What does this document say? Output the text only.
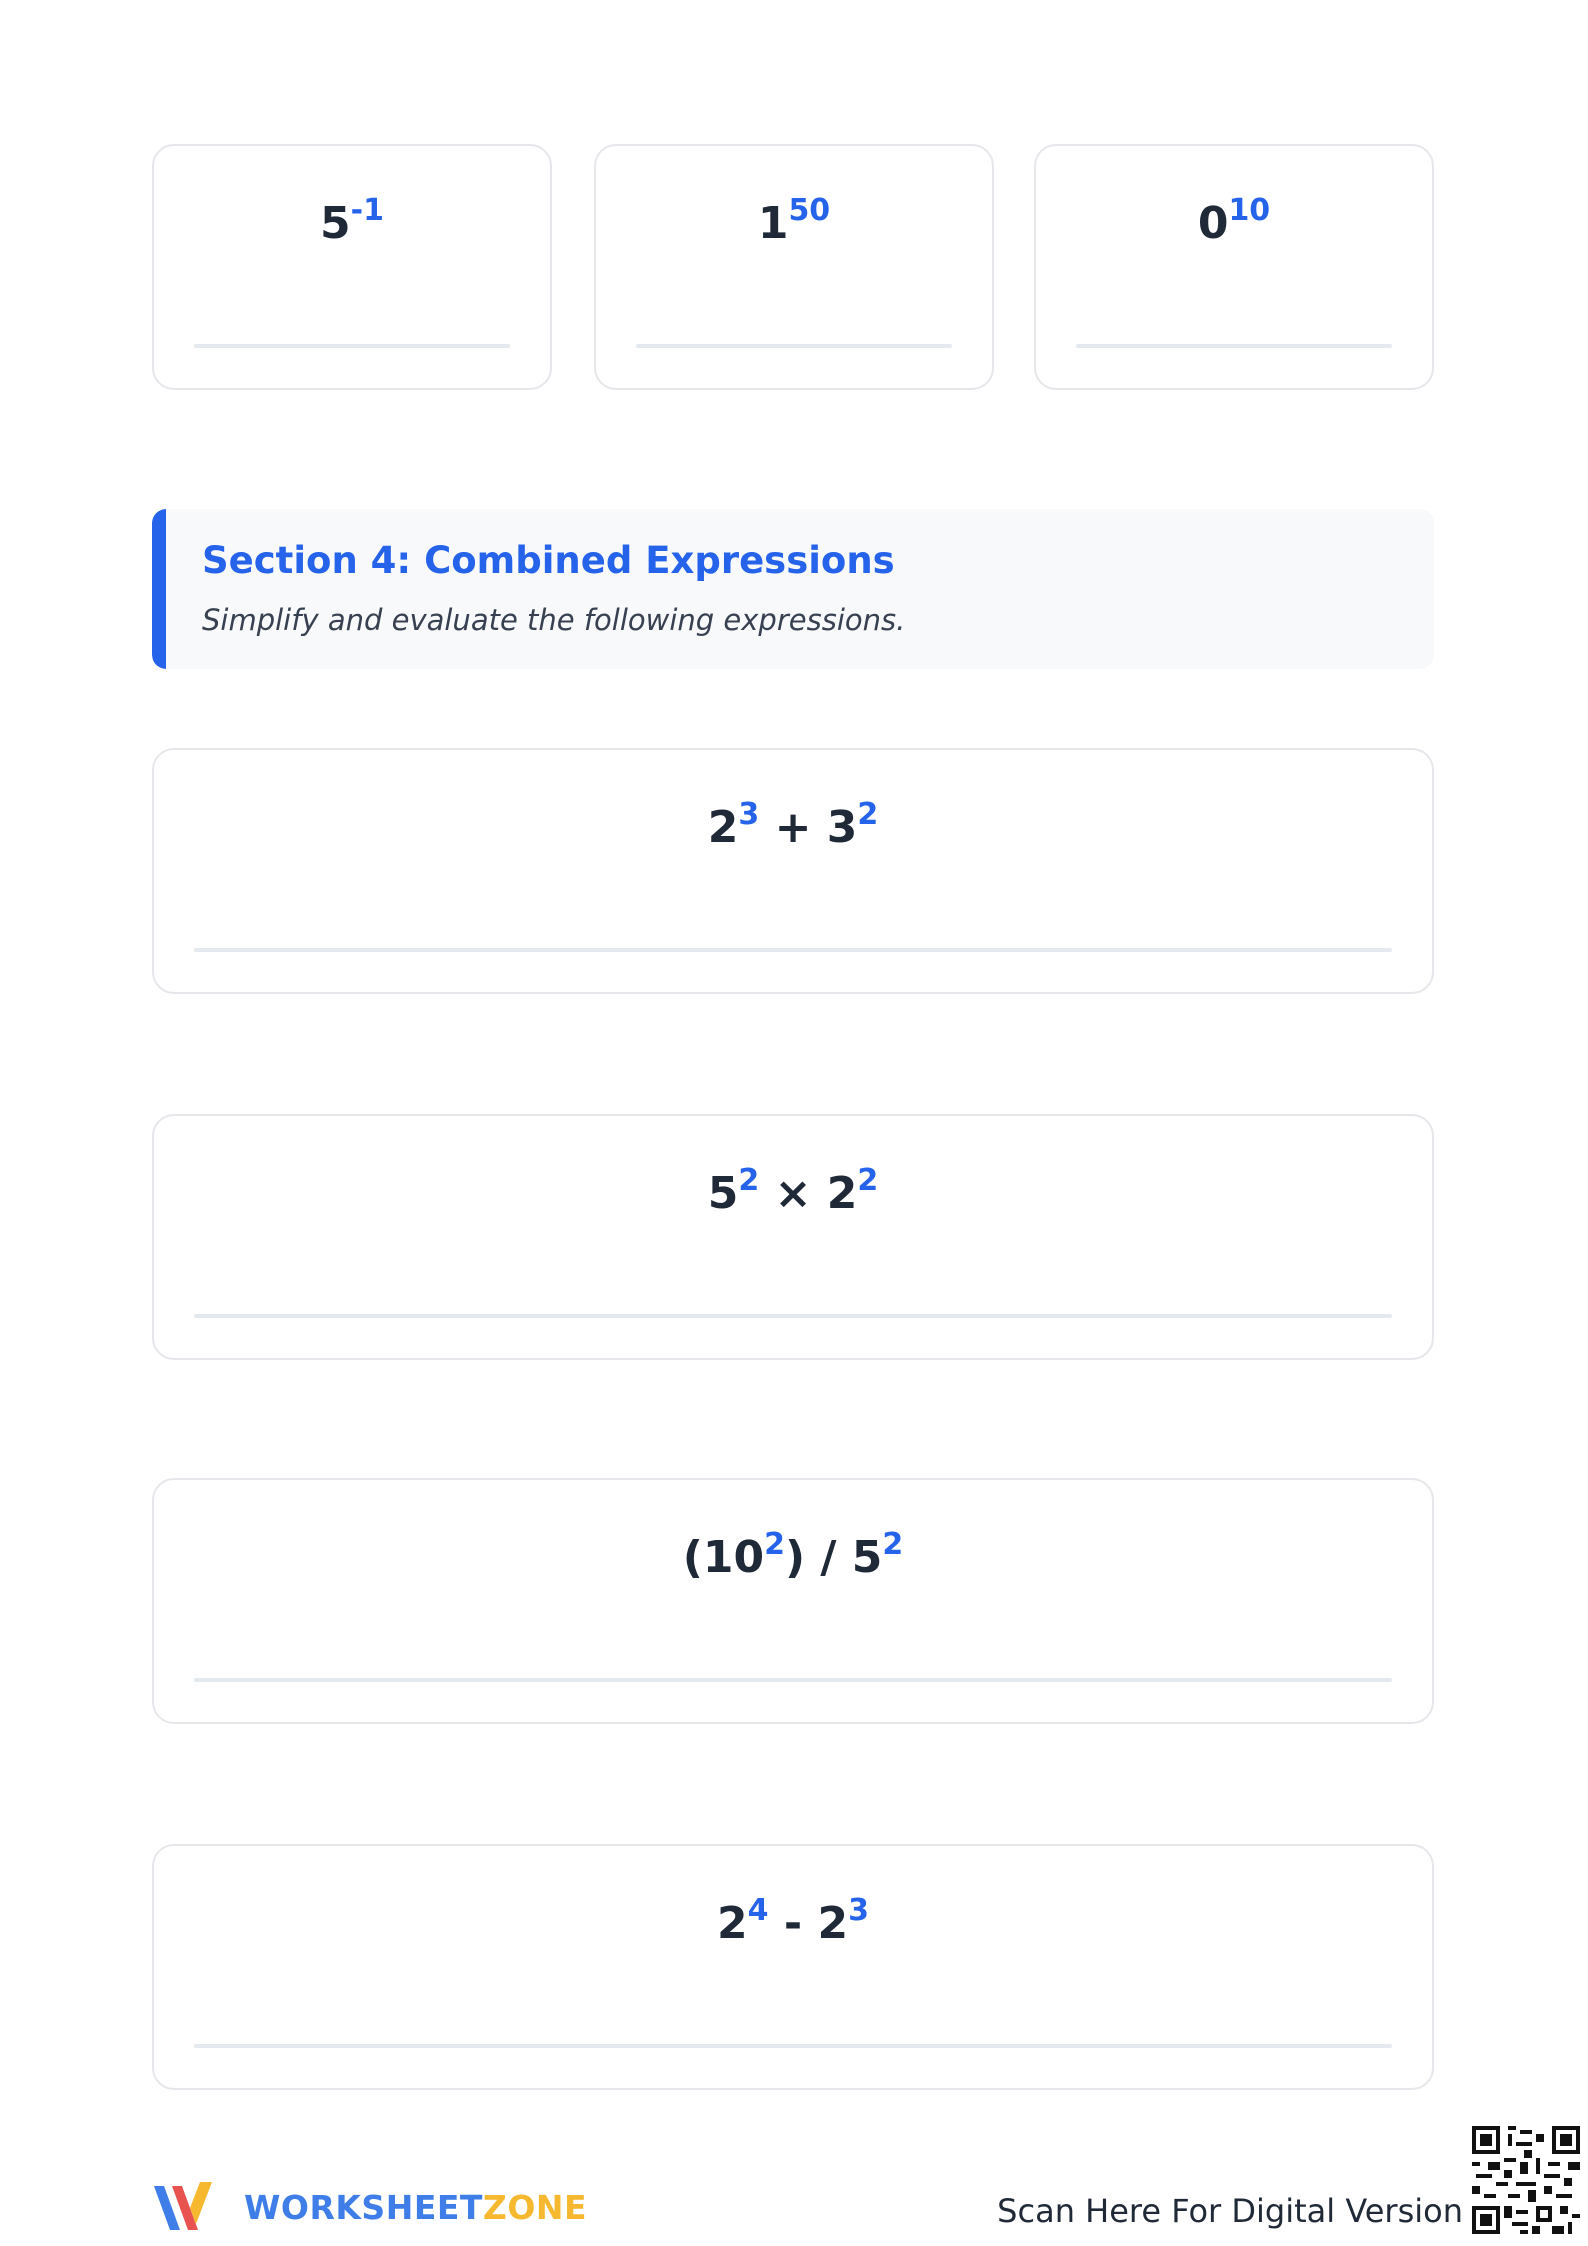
$5^{-1}$	$1^{50}$	$0^{10}$
Section 4: Combined Expressions
Simplify and evaluate the following expressions.
$2^3 + 3^2$
$5^2 \times 2^2$
$(10^2) / 5^2$
$2^4 - 2^3$
WORKSHEETZONE	Scan Here For Digital Version
